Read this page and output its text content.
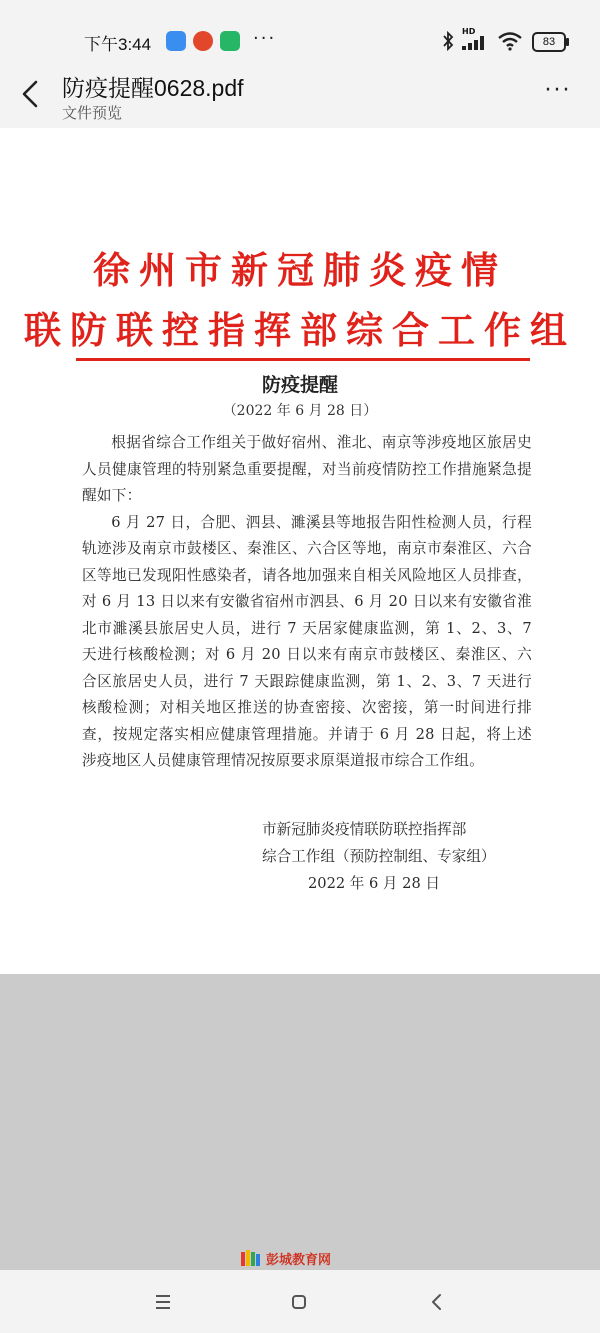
下午3:44	···	HD
83
防疫提醒0628.pdf
文件预览
···
徐州市新冠肺炎疫情
联防联控指挥部综合工作组
防疫提醒
（2022 年 6 月 28 日）

根据省综合工作组关于做好宿州、淮北、南京等涉疫地区旅居史人员健康管理的特别紧急重要提醒，对当前疫情防控工作措施紧急提醒如下：

6 月 27 日，合肥、泗县、濉溪县等地报告阳性检测人员，行程轨迹涉及南京市鼓楼区、秦淮区、六合区等地，南京市秦淮区、六合区等地已发现阳性感染者，请各地加强来自相关风险地区人员排查，对 6 月 13 日以来有安徽省宿州市泗县、6 月 20 日以来有安徽省淮北市濉溪县旅居史人员，进行 7 天居家健康监测，第 1、2、3、7 天进行核酸检测；对 6 月 20 日以来有南京市鼓楼区、秦淮区、六合区旅居史人员，进行 7 天跟踪健康监测，第 1、2、3、7 天进行核酸检测；对相关地区推送的协查密接、次密接，第一时间进行排查，按规定落实相应健康管理措施。并请于 6 月 28 日起，将上述涉疫地区人员健康管理情况按原要求原渠道报市综合工作组。

市新冠肺炎疫情联防联控指挥部
综合工作组（预防控制组、专家组）
2022 年 6 月 28 日
彭城教育网
